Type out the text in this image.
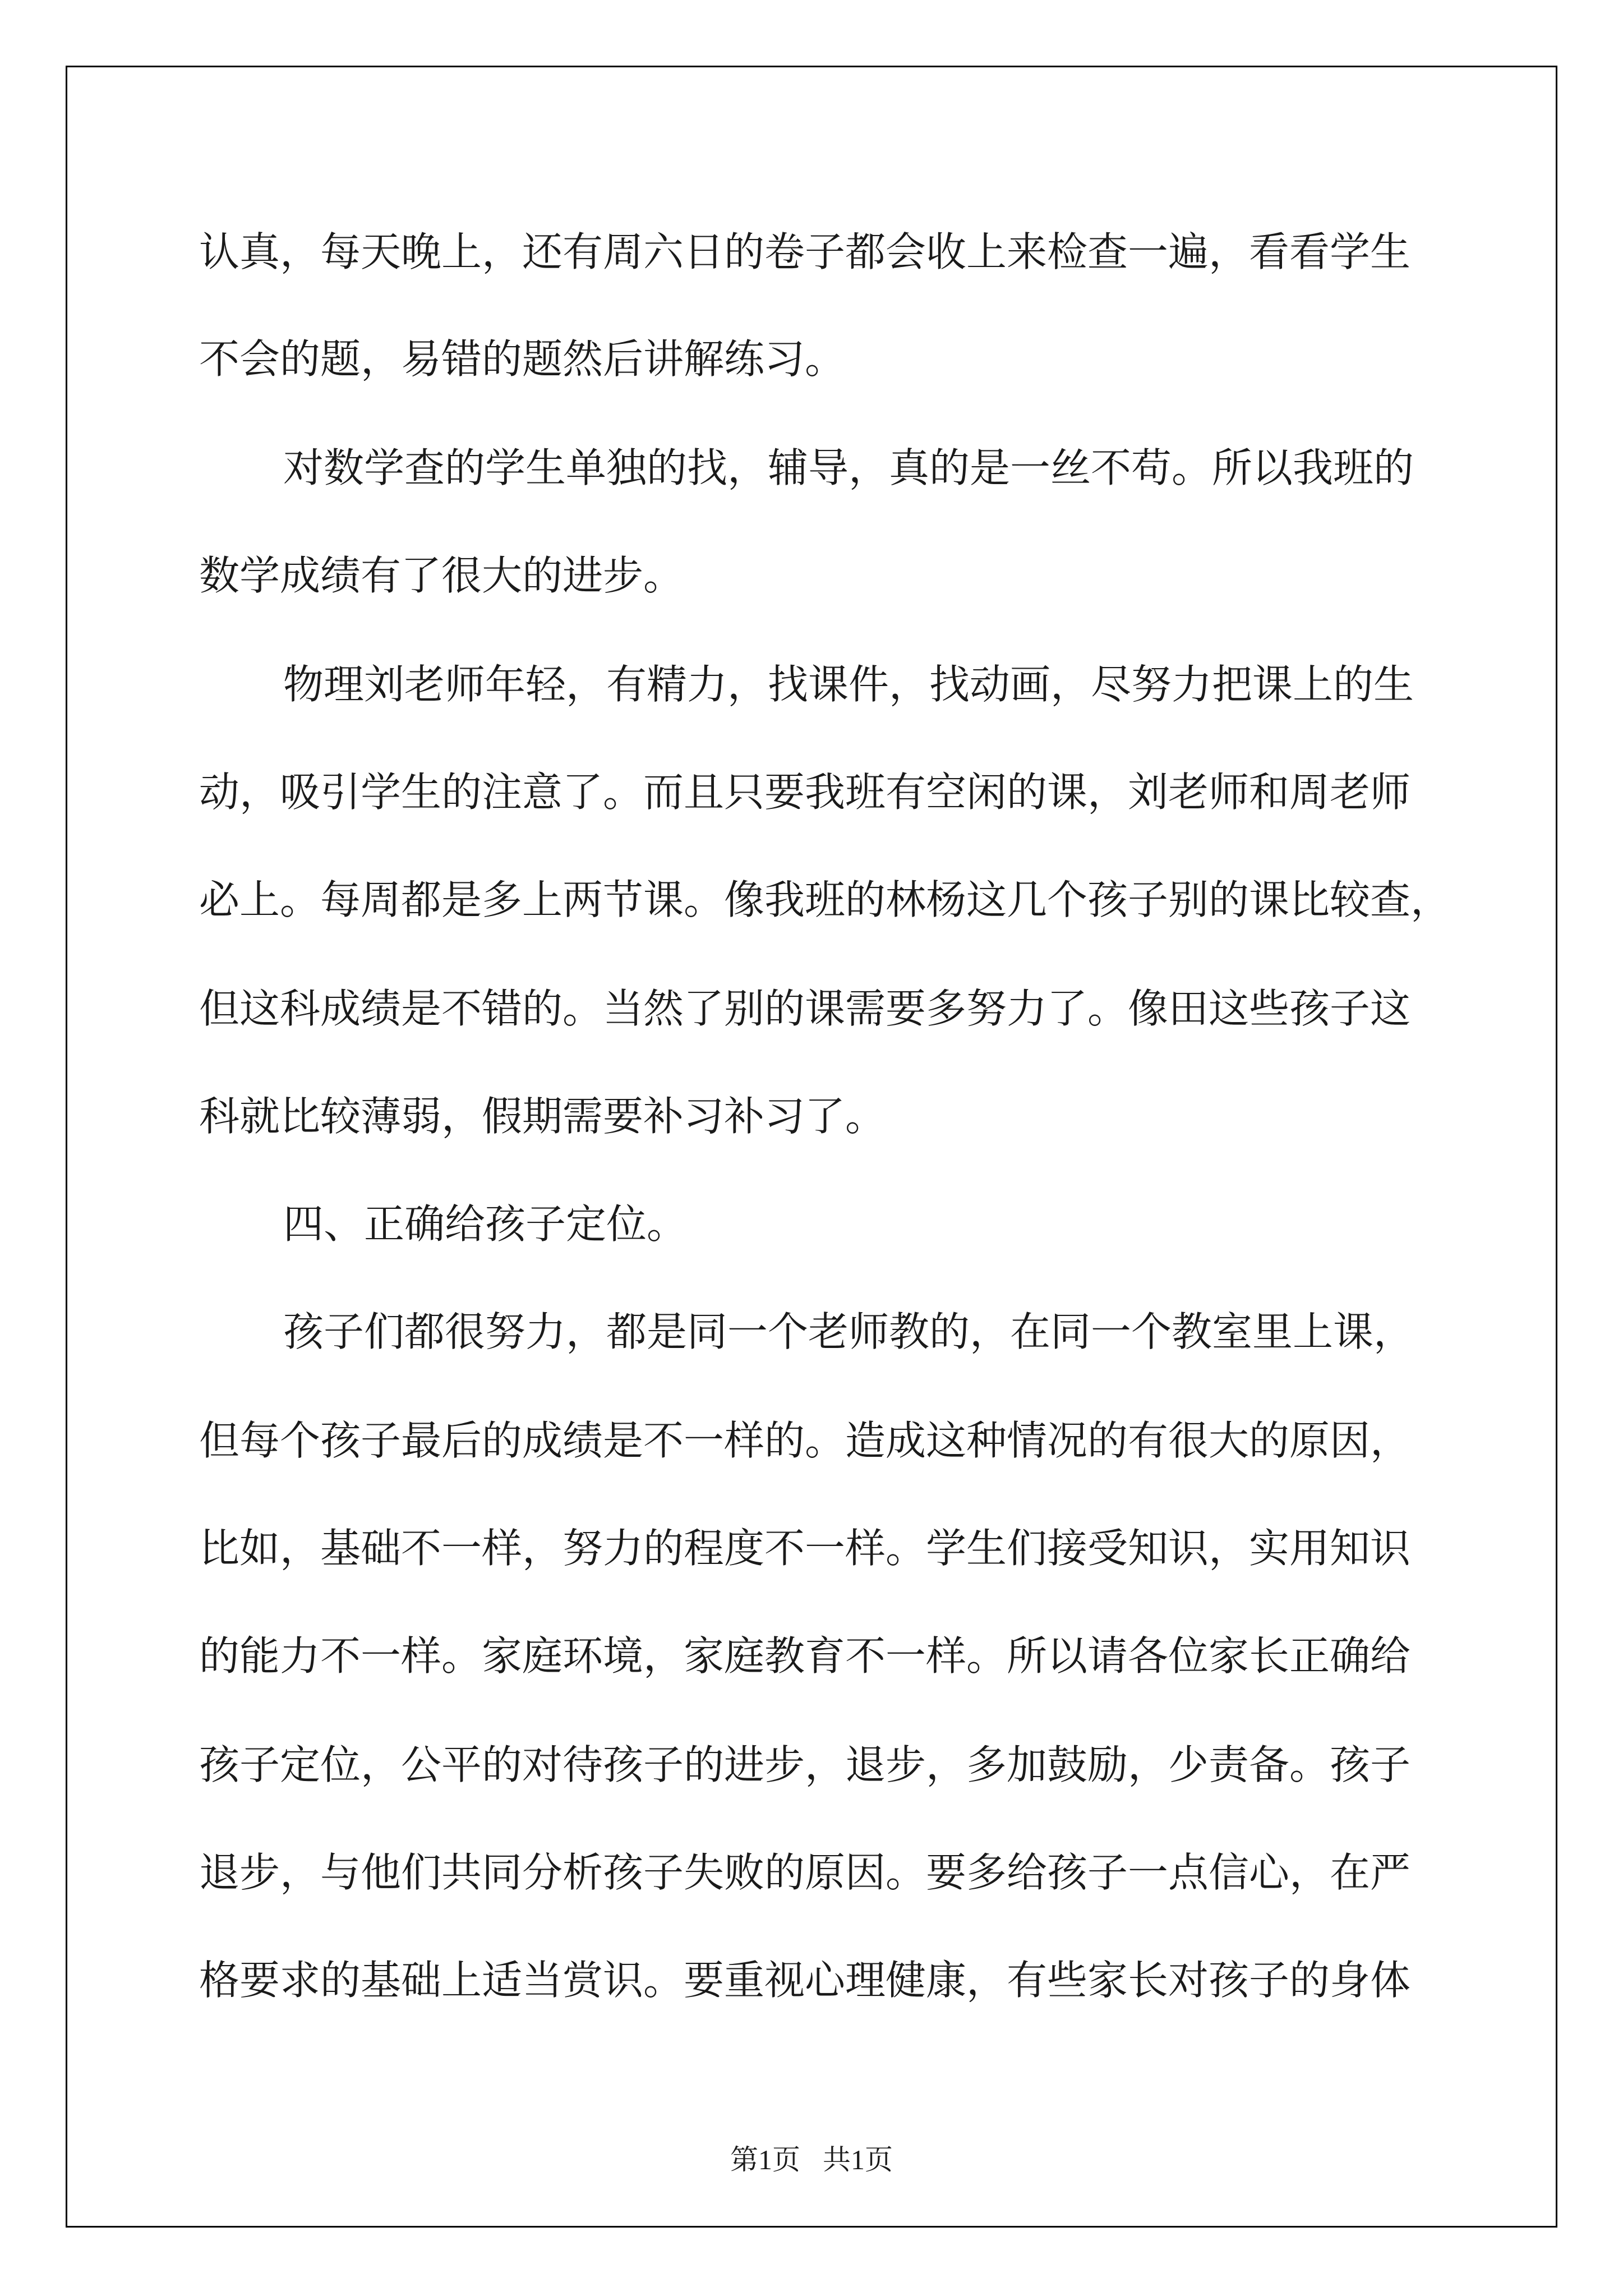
认真，每天晚上，还有周六日的卷子都会收上来检查一遍，看看学生
不会的题，易错的题然后讲解练习。
对数学查的学生单独的找，辅导，真的是一丝不苟。所以我班的
数学成绩有了很大的进步。
物理刘老师年轻，有精力，找课件，找动画，尽努力把课上的生
动，吸引学生的注意了。而且只要我班有空闲的课，刘老师和周老师
必上。每周都是多上两节课。像我班的林杨这几个孩子别的课比较查，
但这科成绩是不错的。当然了别的课需要多努力了。像田这些孩子这
科就比较薄弱，假期需要补习补习了。
四、正确给孩子定位。
孩子们都很努力，都是同一个老师教的，在同一个教室里上课，
但每个孩子最后的成绩是不一样的。造成这种情况的有很大的原因，
比如，基础不一样，努力的程度不一样。学生们接受知识，实用知识
的能力不一样。家庭环境，家庭教育不一样。所以请各位家长正确给
孩子定位，公平的对待孩子的进步，退步，多加鼓励，少责备。孩子
退步，与他们共同分析孩子失败的原因。要多给孩子一点信心，在严
格要求的基础上适当赏识。要重视心理健康，有些家长对孩子的身体
第1页 共1页
